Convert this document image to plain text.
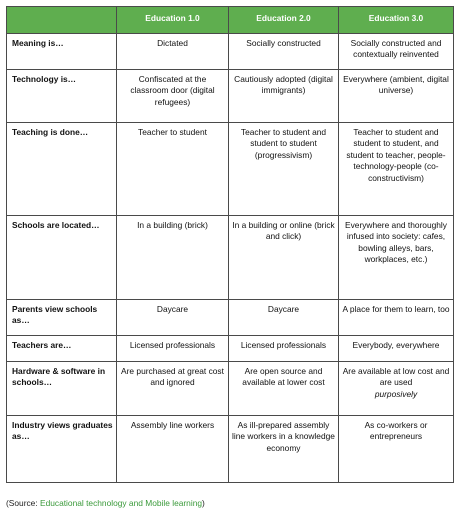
	Education 1.0	Education 2.0	Education 3.0
Meaning is…	Dictated	Socially constructed	Socially constructed and contextually reinvented
Technology is…	Confiscated at the classroom door (digital refugees)	Cautiously adopted (digital immigrants)	Everywhere (ambient, digital universe)
Teaching is done…	Teacher to student	Teacher to student and student to student (progressivism)	Teacher to student and student to student, and student to teacher, people-technology-people (co-constructivism)
Schools are located…	In a building (brick)	In a building or online (brick and click)	Everywhere and thoroughly infused into society: cafes, bowling alleys, bars, workplaces, etc.)
Parents view schools as…	Daycare	Daycare	A place for them to learn, too
Teachers are…	Licensed professionals	Licensed professionals	Everybody, everywhere
Hardware & software in schools…	Are purchased at great cost and ignored	Are open source and available at lower cost	Are available at low cost and are used
purposively
Industry views graduates as…	Assembly line workers	As ill-prepared assembly line workers in a knowledge economy	As co-workers or entrepreneurs
(Source: Educational technology and Mobile learning)
